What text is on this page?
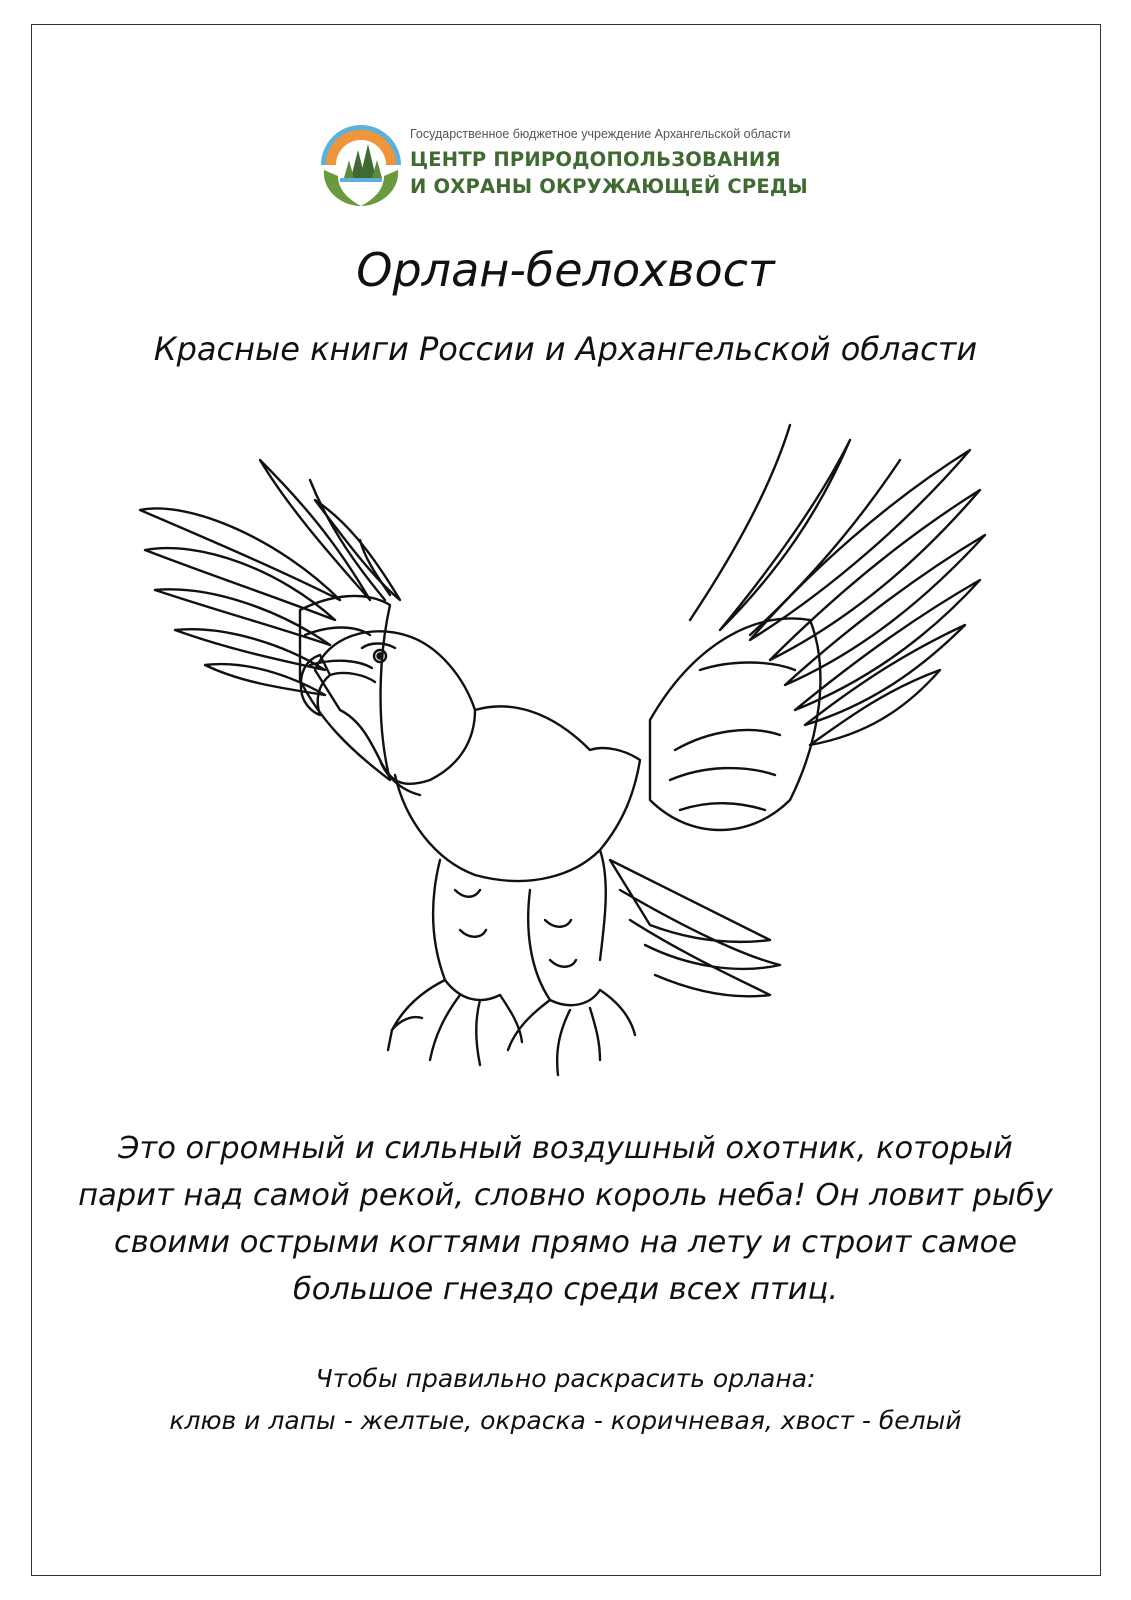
Государственное бюджетное учреждение Архангельской области
ЦЕНТР ПРИРОДОПОЛЬЗОВАНИЯ
И ОХРАНЫ ОКРУЖАЮЩЕЙ СРЕДЫ
Орлан-белохвост
Красные книги России и Архангельской области
Это огромный и сильный воздушный охотник, который
парит над самой рекой, словно король неба! Он ловит рыбу
своими острыми когтями прямо на лету и строит самое
большое гнездо среди всех птиц.
Чтобы правильно раскрасить орлана:
клюв и лапы - желтые, окраска - коричневая, хвост - белый
